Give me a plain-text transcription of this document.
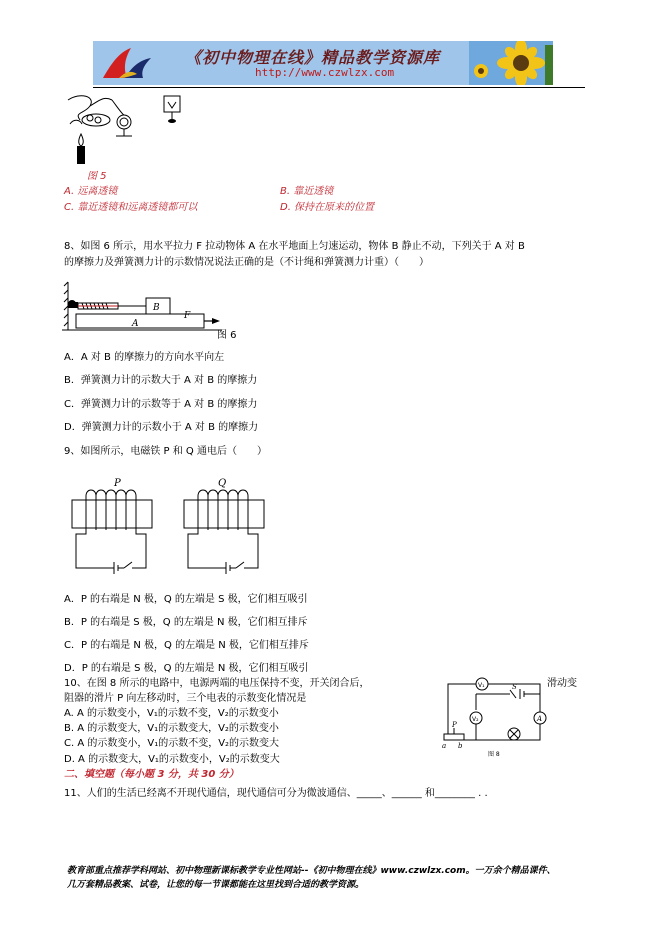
《初中物理在线》精品教学资源库
http://www.czwlzx.com
图 5
A. 远离透镜	B. 靠近透镜
C. 靠近透镜和远离透镜都可以	D. 保持在原来的位置
8、如图 6 所示，用水平拉力 F 拉动物体 A 在水平地面上匀速运动，物体 B 静止不动，下列关于 A 对 B
的摩擦力及弹簧测力计的示数情况说法正确的是（不计绳和弹簧测力计重）（　　）
B
A
F
图 6
A．A 对 B 的摩擦力的方向水平向左
B．弹簧测力计的示数大于 A 对 B 的摩擦力
C．弹簧测力计的示数等于 A 对 B 的摩擦力
D．弹簧测力计的示数小于 A 对 B 的摩擦力
9、如图所示，电磁铁 P 和 Q 通电后（　　）
P	Q
A．P 的右端是 N 极，Q 的左端是 S 极，它们相互吸引
B．P 的右端是 S 极，Q 的左端是 N 极，它们相互排斥
C．P 的右端是 N 极，Q 的左端是 N 极，它们相互排斥
D．P 的右端是 S 极，Q 的左端是 N 极，它们相互吸引
10、在图 8 所示的电路中，电源两端的电压保持不变，开关闭合后，	滑动变
阻器的滑片 P 向左移动时，三个电表的示数变化情况是
A. A 的示数变小，V₁的示数不变，V₂的示数变小
B. A 的示数变大，V₁的示数变大，V₂的示数变小
C. A 的示数变小，V₁的示数不变，V₂的示数变大
D. A 的示数变大，V₁的示数变小，V₂的示数变大
V₁
V₂	A
S
P
a b
图 8
二、填空题（每小题 3 分，共 30 分）
11、人们的生活已经离不开现代通信，现代通信可分为微波通信、_____、______ 和________ . .
教育部重点推荐学科网站、初中物理新课标教学专业性网站--《初中物理在线》www.czwlzx.com。一万余个精品课件、
几万套精品教案、试卷，让您的每一节课都能在这里找到合适的教学资源。
